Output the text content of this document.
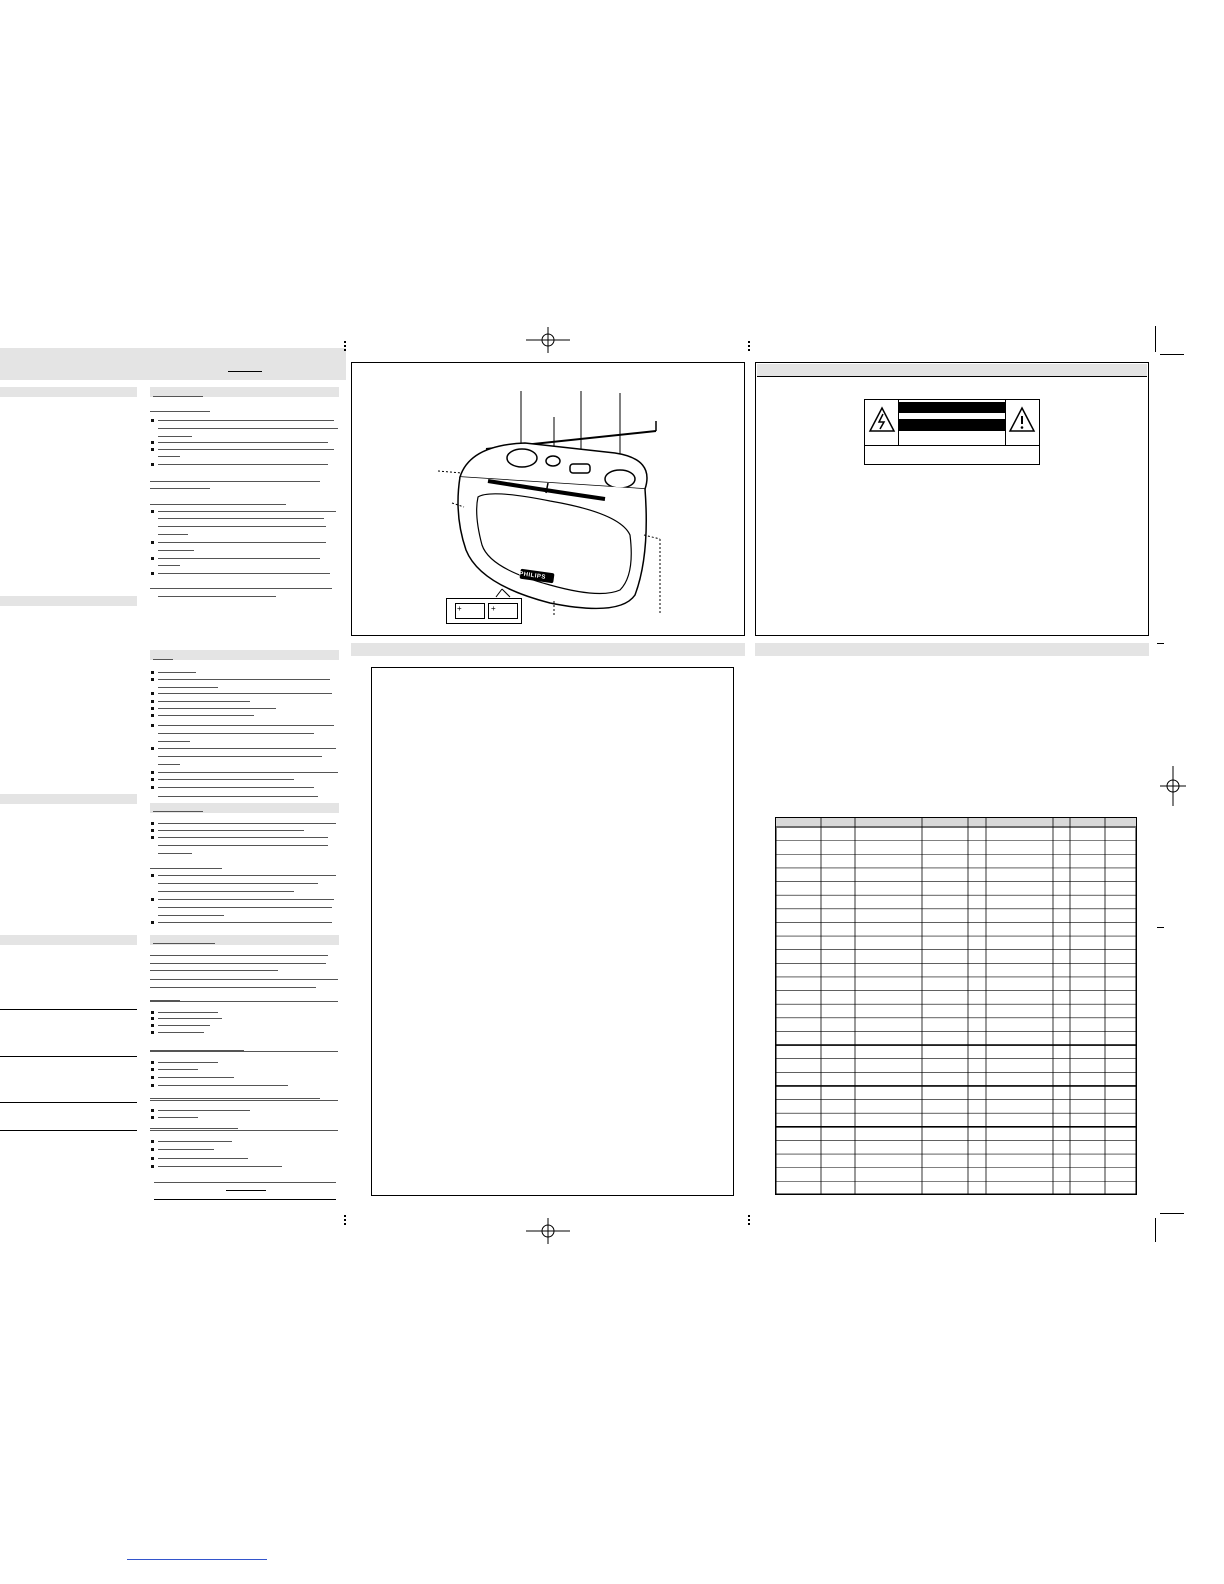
PHILIPS
+	+
